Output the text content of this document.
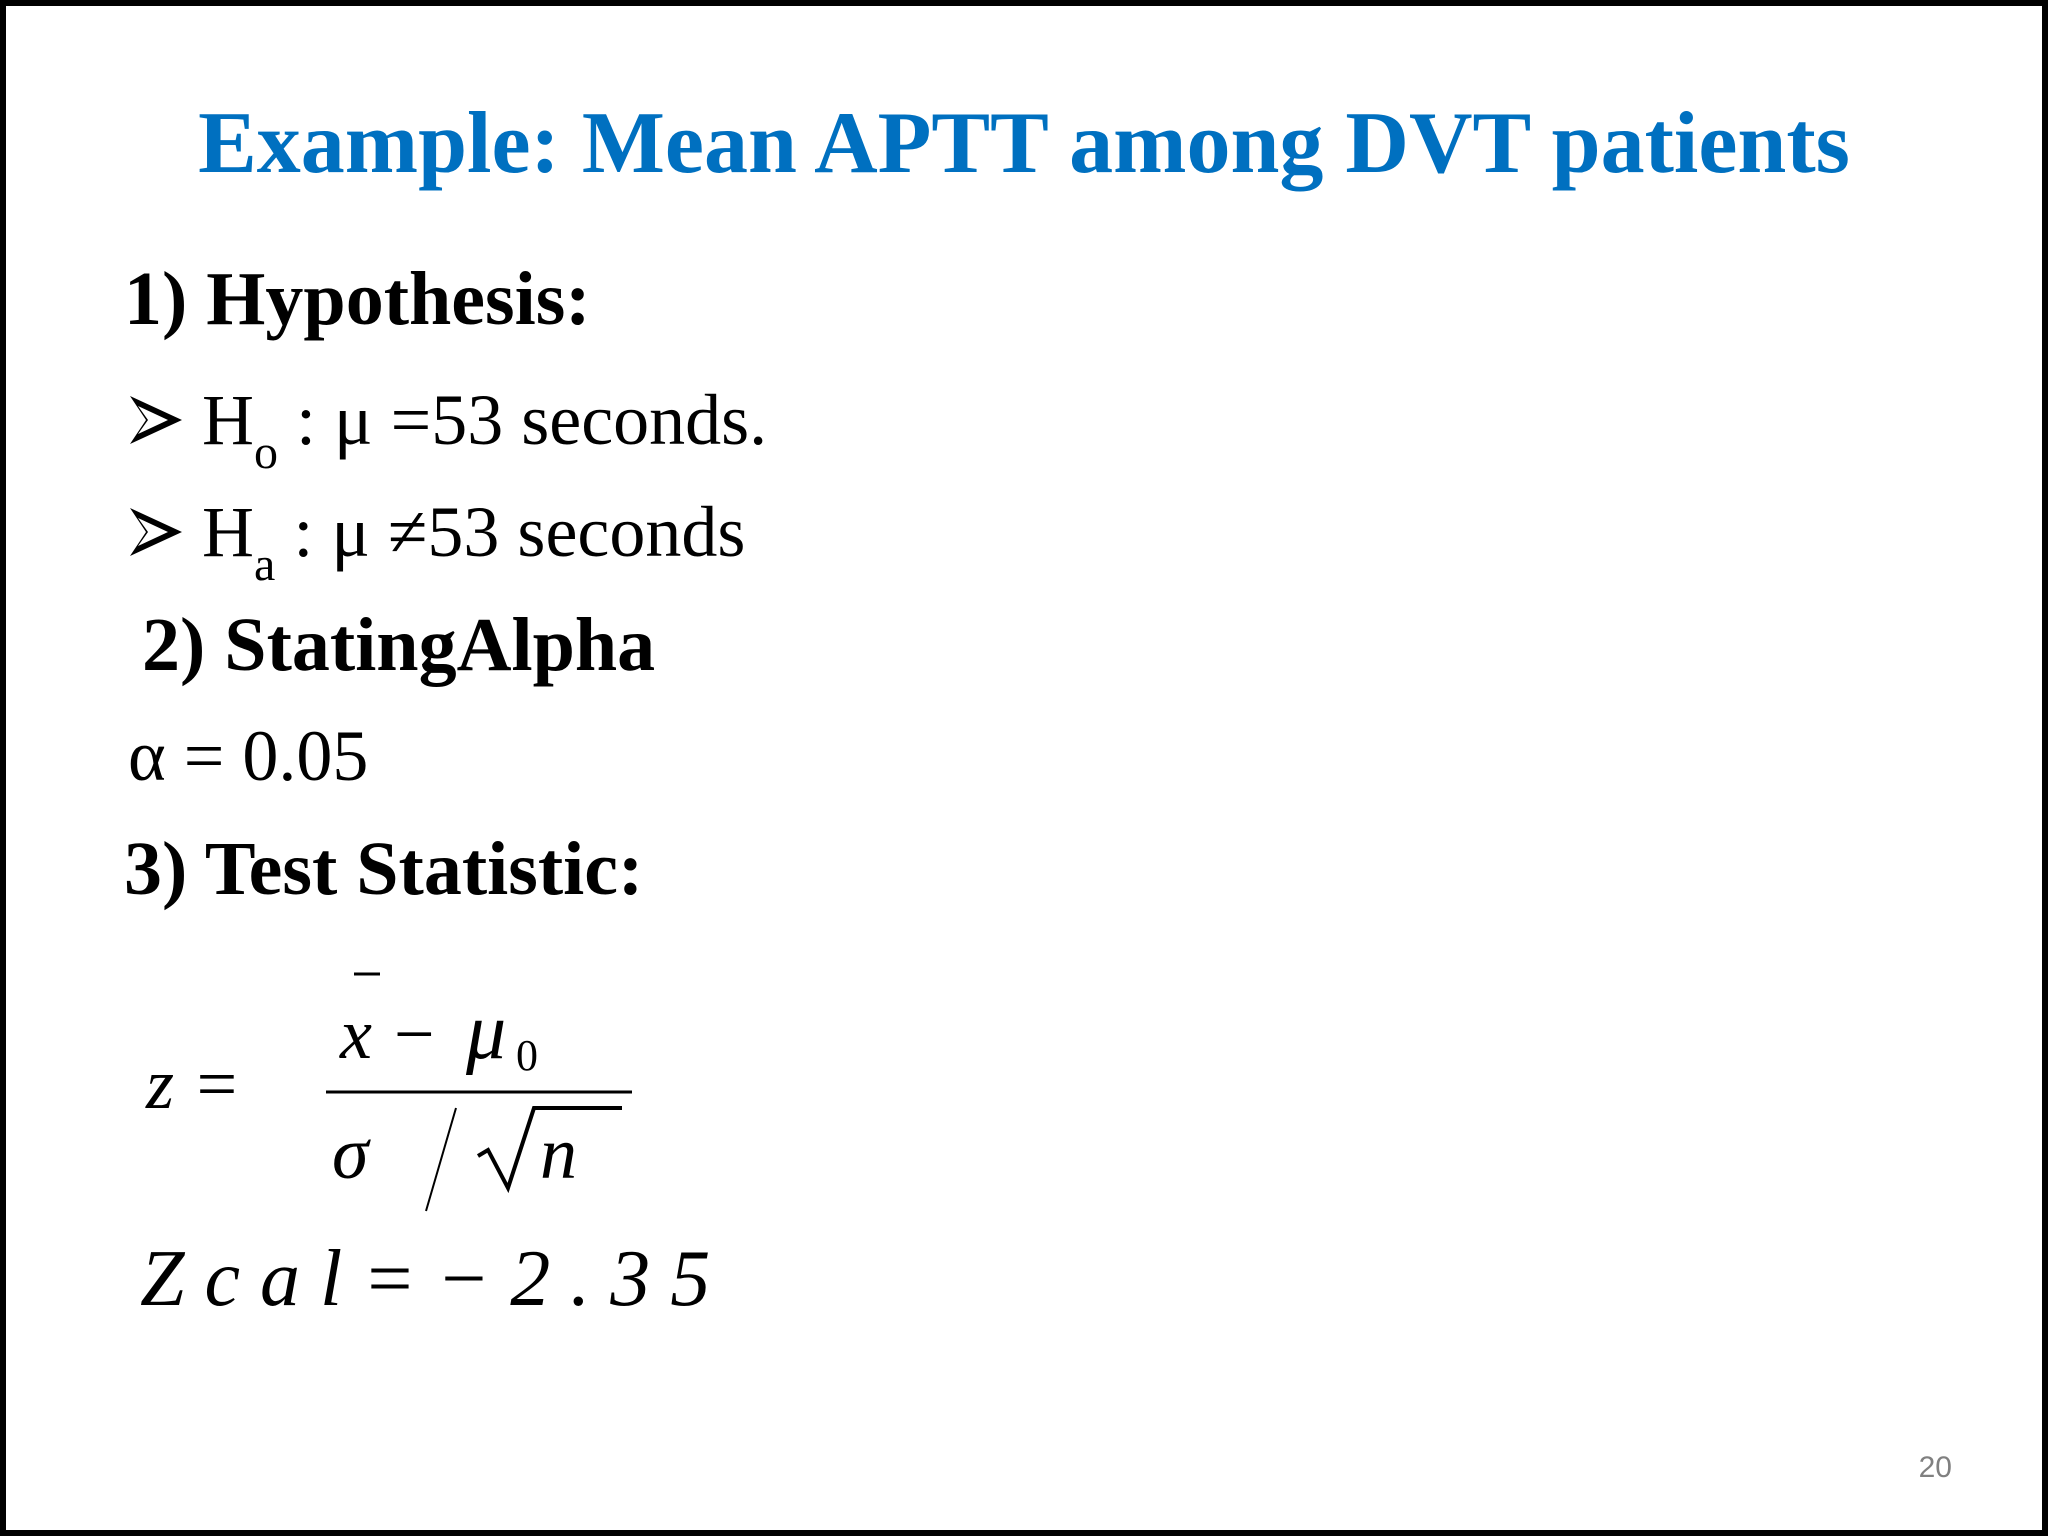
Example: Mean APTT among DVT patients
1) Hypothesis:
$H_o$ : μ =53 seconds.
$H_a$ : μ ≠53 seconds
2) StatingAlpha
α = 0.05
3) Test Statistic:
z =
x − μ 0
σ n
Z c a l = − 2 . 3 5
20
